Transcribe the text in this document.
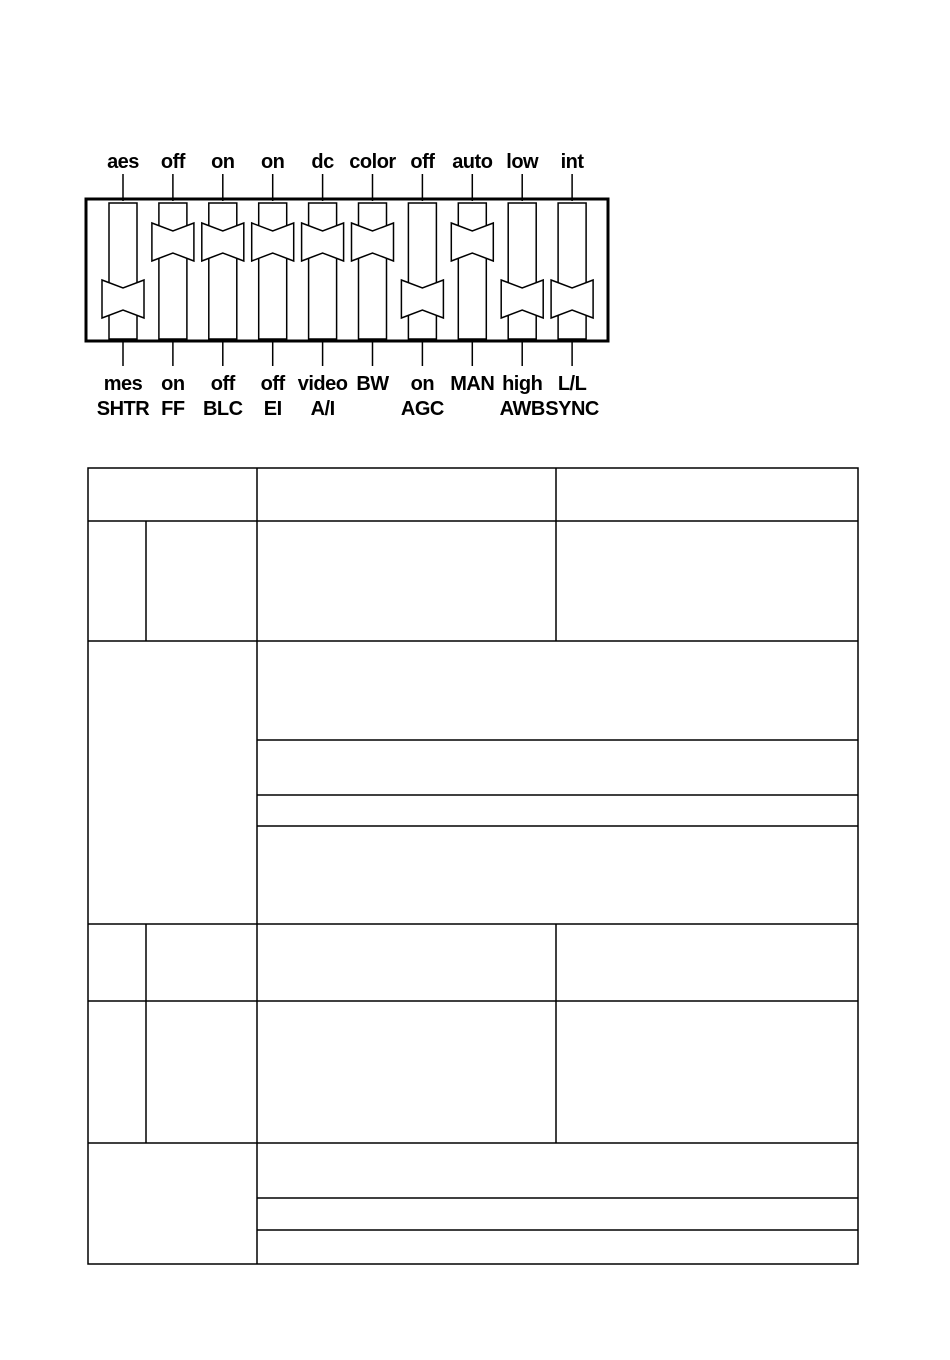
aes
mes
SHTR
off
on
FF
on
off
BLC
on
off
EI
dc
video
A/I
color
BW
off
on
AGC
auto
MAN
low
high
AWB
int
L/L
SYNC
